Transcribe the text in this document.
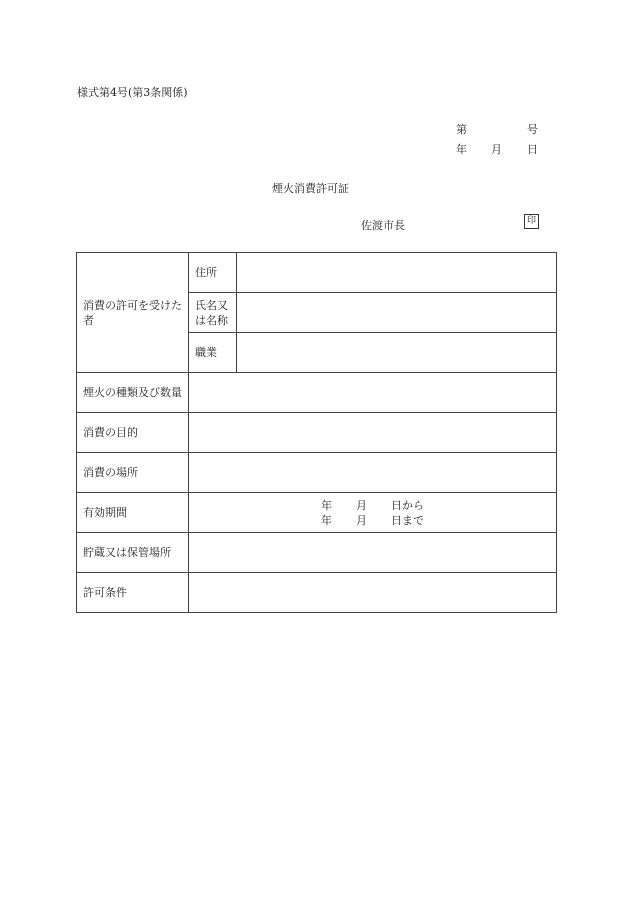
様式第4号(第3条関係)
第	号
年 月 日
煙火消費許可証
佐渡市長	印
消費の許可を受けた者	住所	
	氏名又は名称	
	職業	
煙火の種類及び数量		
消費の目的		
消費の場所		
有効期間	年 月 日から
年 月 日まで	

貯蔵又は保管場所		
許可条件		
